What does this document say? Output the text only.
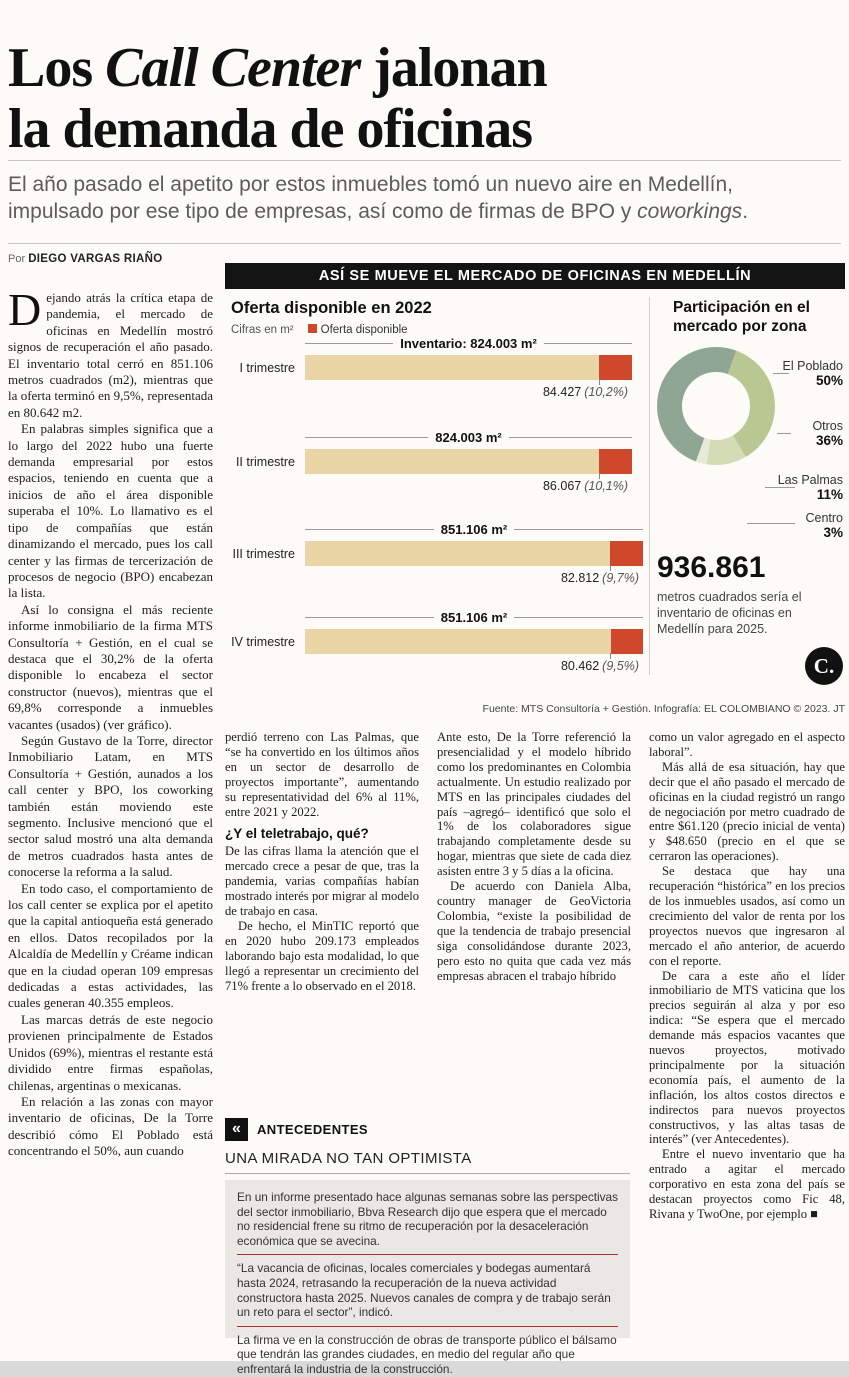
Los Call Center jalonan
la demanda de oficinas
El año pasado el apetito por estos inmuebles tomó un nuevo aire en Medellín, impulsado por ese tipo de empresas, así como de firmas de BPO y coworkings.
Por DIEGO VARGAS RIAÑO

Dejando atrás la crítica etapa de pandemia, el mercado de oficinas en Medellín mostró signos de recuperación el año pasado. El inventario total cerró en 851.106 metros cuadrados (m2), mientras que la oferta terminó en 9,5%, representada en 80.642 m2.

En palabras simples significa que a lo largo del 2022 hubo una fuerte demanda empresarial por estos espacios, teniendo en cuenta que a inicios de año el área disponible superaba el 10%. Lo llamativo es el tipo de compañías que están dinamizando el mercado, pues los call center y las firmas de tercerización de procesos de negocio (BPO) encabezan la lista.

Así lo consigna el más reciente informe inmobiliario de la firma MTS Consultoría + Gestión, en el cual se destaca que el 30,2% de la oferta disponible lo encabeza el sector constructor (nuevos), mientras que el 69,8% corresponde a inmuebles vacantes (usados) (ver gráfico).

Según Gustavo de la Torre, director Inmobiliario Latam, en MTS Consultoría + Gestión, aunados a los call center y BPO, los coworking también están moviendo este segmento. Inclusive mencionó que el sector salud mostró una alta demanda de metros cuadrados hasta antes de conocerse la reforma a la salud.

En todo caso, el comportamiento de los call center se explica por el apetito que la capital antioqueña está generado en ellos. Datos recopilados por la Alcaldía de Medellín y Créame indican que en la ciudad operan 109 empresas dedicadas a estas actividades, las cuales generan 40.355 empleos.

Las marcas detrás de este negocio provienen principalmente de Estados Unidos (69%), mientras el restante está dividido entre firmas españolas, chilenas, argentinas o mexicanas.

En relación a las zonas con mayor inventario de oficinas, De la Torre describió cómo El Poblado está concentrando el 50%, aun cuando

ASÍ SE MUEVE EL MERCADO DE OFICINAS EN MEDELLÍN
Oferta disponible en 2022
Cifras en m² Oferta disponible
I trimestre
Inventario: 824.003 m²
84.427 (10,2%)
II trimestre
824.003 m²
86.067 (10,1%)
III trimestre
851.106 m²
82.812 (9,7%)
IV trimestre
851.106 m²
80.462 (9,5%)
Participación en el mercado por zona
El Poblado
50%
Otros
36%
Las Palmas
11%
Centro
3%
936.861
metros cuadrados sería el inventario de oficinas en Medellín para 2025.
C.
Fuente: MTS Consultoría + Gestión. Infografía: EL COLOMBIANO © 2023. JT

perdió terreno con Las Palmas, que “se ha convertido en los últimos años en un sector de desarrollo de proyectos importante”, aumentando su representatividad del 6% al 11%, entre 2021 y 2022.

¿Y el teletrabajo, qué?

De las cifras llama la atención que el mercado crece a pesar de que, tras la pandemia, varias compañías habían mostrado interés por migrar al modelo de trabajo en casa.

De hecho, el MinTIC reportó que en 2020 hubo 209.173 empleados laborando bajo esta modalidad, lo que llegó a representar un crecimiento del 71% frente a lo observado en el 2018.

Ante esto, De la Torre referenció la presencialidad y el modelo híbrido como los predominantes en Colombia actualmente. Un estudio realizado por MTS en las principales ciudades del país –agregó– identificó que solo el 1% de los colaboradores sigue trabajando completamente desde su hogar, mientras que siete de cada diez asisten entre 3 y 5 días a la oficina.

De acuerdo con Daniela Alba, country manager de GeoVictoria Colombia, “existe la posibilidad de que la tendencia de trabajo presencial siga consolidándose durante 2023, pero esto no quita que cada vez más empresas abracen el trabajo híbrido

como un valor agregado en el aspecto laboral”.

Más allá de esa situación, hay que decir que el año pasado el mercado de oficinas en la ciudad registró un rango de negociación por metro cuadrado de entre $61.120 (precio inicial de venta) y $48.650 (precio en el que se cerraron las operaciones).

Se destaca que hay una recuperación “histórica” en los precios de los inmuebles usados, así como un crecimiento del valor de renta por los proyectos nuevos que ingresaron al mercado el año anterior, de acuerdo con el reporte.

De cara a este año el líder inmobiliario de MTS vaticina que los precios seguirán al alza y por eso indica: “Se espera que el mercado demande más espacios vacantes que nuevos proyectos, motivado principalmente por la situación economía país, el aumento de la inflación, los altos costos directos e indirectos para nuevos proyectos constructivos, y las altas tasas de interés” (ver Antecedentes).

Entre el nuevo inventario que ha entrado a agitar el mercado corporativo en esta zona del país se destacan proyectos como Fic 48, Rivana y TwoOne, por ejemplo ■

«	ANTECEDENTES
UNA MIRADA NO TAN OPTIMISTA

En un informe presentado hace algunas semanas sobre las perspectivas del sector inmobiliario, Bbva Research dijo que espera que el mercado no residencial frene su ritmo de recuperación por la desaceleración económica que se avecina.

“La vacancia de oficinas, locales comerciales y bodegas aumentará hasta 2024, retrasando la recuperación de la nueva actividad constructora hasta 2025. Nuevos canales de compra y de trabajo serán un reto para el sector”, indicó.

La firma ve en la construcción de obras de transporte público el bálsamo que tendrán las grandes ciudades, en medio del regular año que enfrentará la industria de la construcción.
